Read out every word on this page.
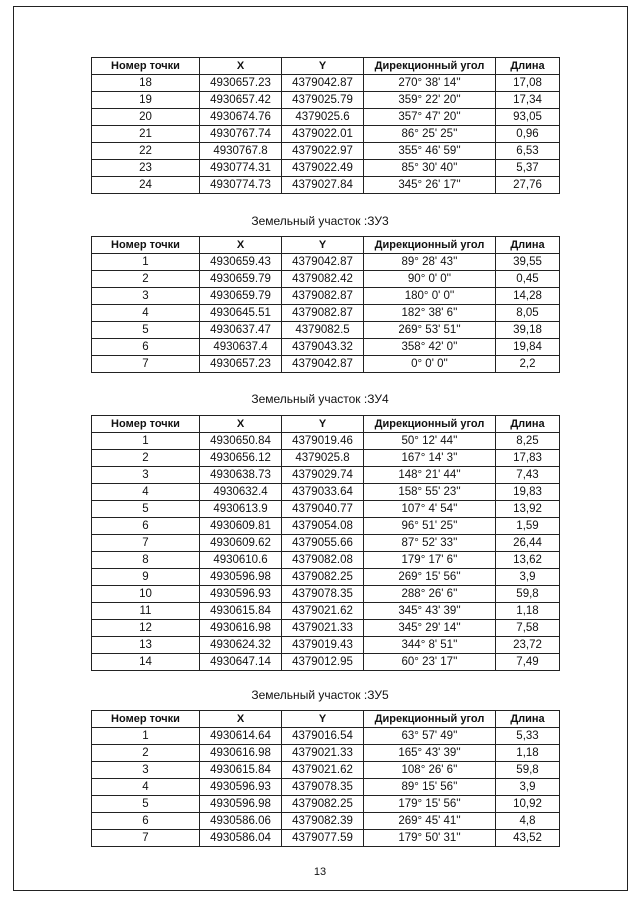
Номер точки	X	Y	Дирекционный угол	Длина
18	4930657.23	4379042.87	270° 38' 14''	17,08
19	4930657.42	4379025.79	359° 22' 20''	17,34
20	4930674.76	4379025.6	357° 47' 20''	93,05
21	4930767.74	4379022.01	86° 25' 25''	0,96
22	4930767.8	4379022.97	355° 46' 59''	6,53
23	4930774.31	4379022.49	85° 30' 40''	5,37
24	4930774.73	4379027.84	345° 26' 17''	27,76
Земельный участок :ЗУ3
Номер точки	X	Y	Дирекционный угол	Длина
1	4930659.43	4379042.87	89° 28' 43''	39,55
2	4930659.79	4379082.42	90° 0' 0''	0,45
3	4930659.79	4379082.87	180° 0' 0''	14,28
4	4930645.51	4379082.87	182° 38' 6''	8,05
5	4930637.47	4379082.5	269° 53' 51''	39,18
6	4930637.4	4379043.32	358° 42' 0''	19,84
7	4930657.23	4379042.87	0° 0' 0''	2,2
Земельный участок :ЗУ4
Номер точки	X	Y	Дирекционный угол	Длина
1	4930650.84	4379019.46	50° 12' 44''	8,25
2	4930656.12	4379025.8	167° 14' 3''	17,83
3	4930638.73	4379029.74	148° 21' 44''	7,43
4	4930632.4	4379033.64	158° 55' 23''	19,83
5	4930613.9	4379040.77	107° 4' 54''	13,92
6	4930609.81	4379054.08	96° 51' 25''	1,59
7	4930609.62	4379055.66	87° 52' 33''	26,44
8	4930610.6	4379082.08	179° 17' 6''	13,62
9	4930596.98	4379082.25	269° 15' 56''	3,9
10	4930596.93	4379078.35	288° 26' 6''	59,8
11	4930615.84	4379021.62	345° 43' 39''	1,18
12	4930616.98	4379021.33	345° 29' 14''	7,58
13	4930624.32	4379019.43	344° 8' 51''	23,72
14	4930647.14	4379012.95	60° 23' 17''	7,49
Земельный участок :ЗУ5
Номер точки	X	Y	Дирекционный угол	Длина
1	4930614.64	4379016.54	63° 57' 49''	5,33
2	4930616.98	4379021.33	165° 43' 39''	1,18
3	4930615.84	4379021.62	108° 26' 6''	59,8
4	4930596.93	4379078.35	89° 15' 56''	3,9
5	4930596.98	4379082.25	179° 15' 56''	10,92
6	4930586.06	4379082.39	269° 45' 41''	4,8
7	4930586.04	4379077.59	179° 50' 31''	43,52
13
